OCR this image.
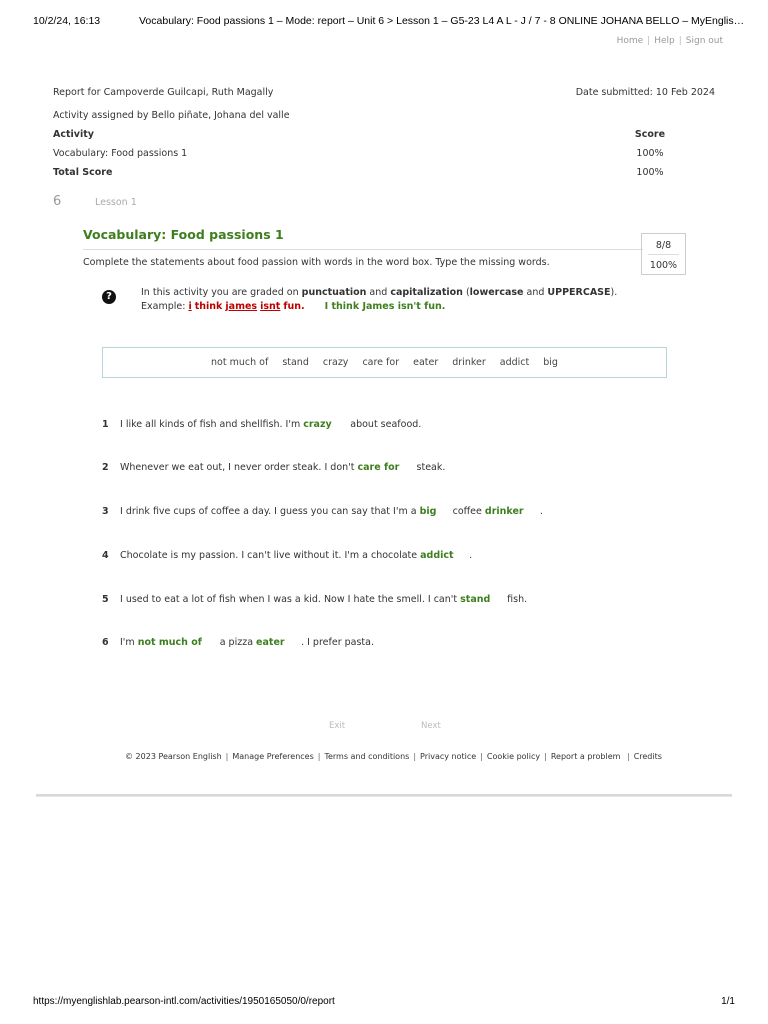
10/2/24, 16:13	Vocabulary: Food passions 1 – Mode: report – Unit 6 > Lesson 1 – G5-23 L4 A L - J / 7 - 8 ONLINE JOHANA BELLO – MyEnglis…
Home | Help | Sign out
Report for Campoverde Guilcapi, Ruth Magally	Date submitted: 10 Feb 2024
Activity assigned by Bello piñate, Johana del valle
Activity	Score
Vocabulary: Food passions 1	100%
Total Score	100%
6	Lesson 1
Vocabulary: Food passions 1
8/8
100%
Complete the statements about food passion with words in the word box. Type the missing words.
?	In this activity you are graded on punctuation and capitalization (lowercase and UPPERCASE).
Example: i think james isnt fun. I think James isn't fun.
not much of stand crazy care for eater drinker addict big
1 I like all kinds of fish and shellfish. I'm crazy about seafood.
2 Whenever we eat out, I never order steak. I don't care for steak.
3 I drink five cups of coffee a day. I guess you can say that I'm a big coffee drinker .
4 Chocolate is my passion. I can't live without it. I'm a chocolate addict .
5 I used to eat a lot of fish when I was a kid. Now I hate the smell. I can't stand fish.
6 I'm not much of a pizza eater . I prefer pasta.
Exit	Next
© 2023 Pearson English | Manage Preferences | Terms and conditions | Privacy notice | Cookie policy | Report a problem | Credits
https://myenglishlab.pearson-intl.com/activities/1950165050/0/report	1/1
